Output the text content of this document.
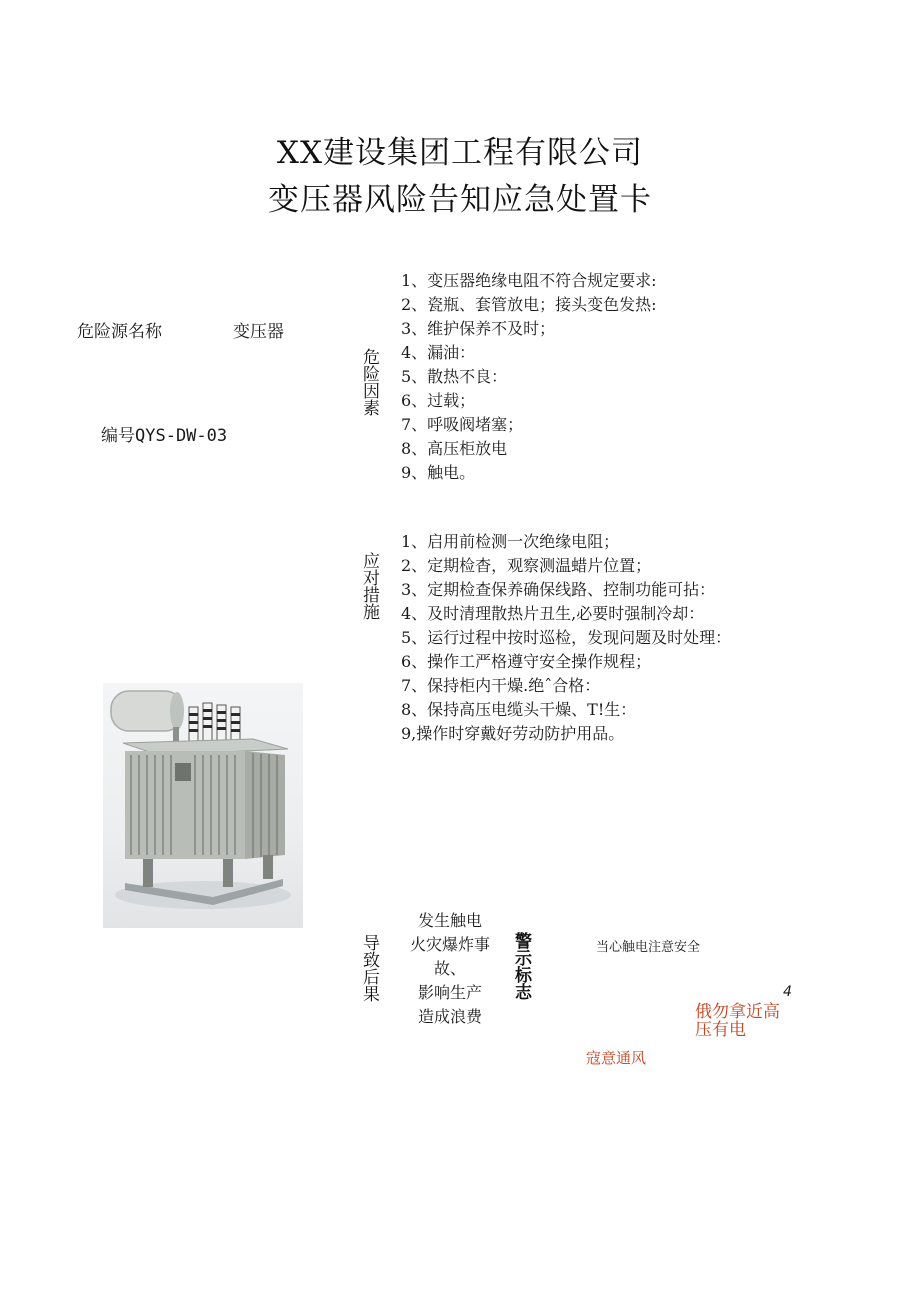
XX建设集团工程有限公司
变压器风险告知应急处置卡
危险源名称	变压器
编号QYS-DW-03
危险因素
1、变压器绝缘电阻不符合规定要求:
2、瓷瓶、套管放电；接头变色发热:
3、维护保养不及时；
4、漏油：
5、散热不良：
6、过载；
7、呼吸阀堵塞；
8、高压柜放电
9、触电。
应对措施
1、启用前检测一次绝缘电阻；
2、定期检杳，观察测温蜡片位置；
3、定期检查保养确保线路、控制功能可拈：
4、及时清理散热片丑生,必要时强制冷却：
5、运行过程中按时巡检，发现问题及时处理：
6、操作工严格遵守安全操作规程；
7、保持柜内干燥.绝ˆ合格：
8、保持高压电缆头干燥、T!生：
9,操作时穿戴好劳动防护用品。
导致后果
发生触电
火灾爆炸事
故、
影响生产
造成浪费
警示标志	当心触电注意安全
4
俄勿拿近高
压有电
寇意通风
